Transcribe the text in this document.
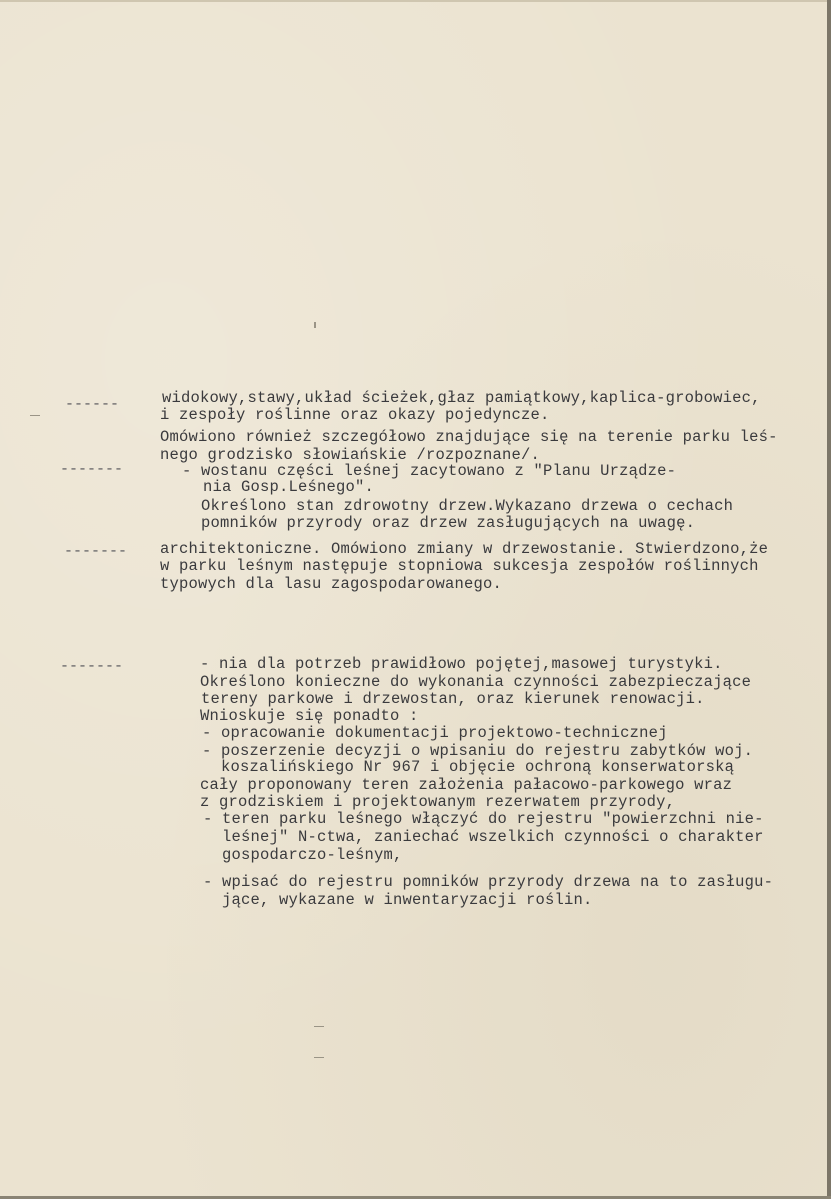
------
-------
-------
-------
widokowy,stawy,układ ścieżek,głaz pamiątkowy,kaplica-grobowiec,
i zespoły roślinne oraz okazy pojedyncze.
Omówiono również szczegółowo znajdujące się na terenie parku leś-
nego grodzisko słowiańskie /rozpoznane/.
- wostanu części leśnej zacytowano z "Planu Urządze-
nia Gosp.Leśnego".
Określono stan zdrowotny drzew.Wykazano drzewa o cechach
pomników przyrody oraz drzew zasługujących na uwagę.
architektoniczne. Omówiono zmiany w drzewostanie. Stwierdzono,że
w parku leśnym następuje stopniowa sukcesja zespołów roślinnych
typowych dla lasu zagospodarowanego.
- nia dla potrzeb prawidłowo pojętej,masowej turystyki.
Określono konieczne do wykonania czynności zabezpieczające
tereny parkowe i drzewostan, oraz kierunek renowacji.
Wnioskuje się ponadto :
- opracowanie dokumentacji projektowo-technicznej
- poszerzenie decyzji o wpisaniu do rejestru zabytków woj.
koszalińskiego Nr 967 i objęcie ochroną konserwatorską
cały proponowany teren założenia pałacowo-parkowego wraz
z grodziskiem i projektowanym rezerwatem przyrody,
- teren parku leśnego włączyć do rejestru "powierzchni nie-
leśnej" N-ctwa, zaniechać wszelkich czynności o charakter
gospodarczo-leśnym,
- wpisać do rejestru pomników przyrody drzewa na to zasługu-
jące, wykazane w inwentaryzacji roślin.
